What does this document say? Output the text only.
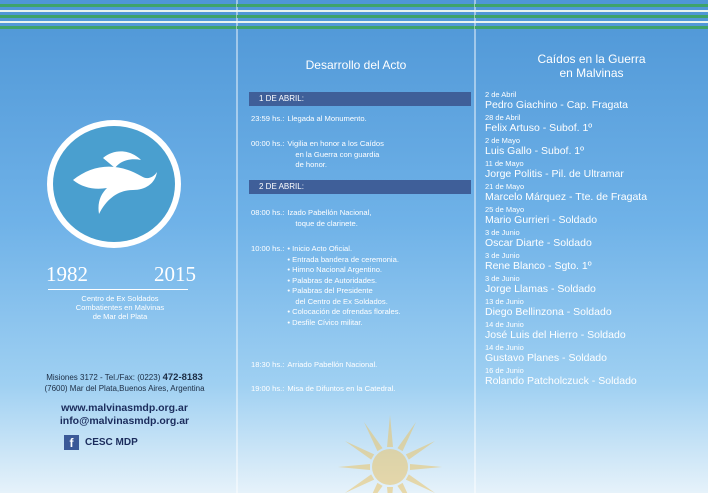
1982	2015
Centro de Ex Soldados
Combatientes en Malvinas
de Mar del Plata
Misiones 3172 - Tel./Fax: (0223) 472-8183
(7600) Mar del Plata,Buenos Aires, Argentina
www.malvinasmdp.org.ar
info@malvinasmdp.org.ar
f	CESC MDP
Desarrollo del Acto
1 DE ABRIL:
23:59 hs.: Llegada al Monumento.
00:00 hs.: Vigilia en honor a los Caídos
en la Guerra con guardia
de honor.
2 DE ABRIL:
08:00 hs.: Izado Pabellón Nacional,
toque de clarinete.
10:00 hs.: • Inicio Acto Oficial.
• Entrada bandera de ceremonia.
• Himno Nacional Argentino.
• Palabras de Autoridades.
• Palabras del Presidente
del Centro de Ex Soldados.
• Colocación de ofrendas florales.
• Desfile Cívico militar.
18:30 hs.: Arriado Pabellón Nacional.
19:00 hs.: Misa de Difuntos en la Catedral.
Caídos en la Guerra
en Malvinas
2 de Abril
Pedro Giachino - Cap. Fragata
28 de Abril
Felix Artuso - Subof. 1º
2 de Mayo
Luis Gallo - Subof. 1º
11 de Mayo
Jorge Politis - Pil. de Ultramar
21 de Mayo
Marcelo Márquez - Tte. de Fragata
25 de Mayo
Mario Gurrieri - Soldado
3 de Junio
Oscar Diarte - Soldado
3 de Junio
Rene Blanco - Sgto. 1º
3 de Junio
Jorge Llamas - Soldado
13 de Junio
Diego Bellinzona - Soldado
14 de Junio
José Luis del Hierro - Soldado
14 de Junio
Gustavo Planes - Soldado
16 de Junio
Rolando Patcholczuck - Soldado
